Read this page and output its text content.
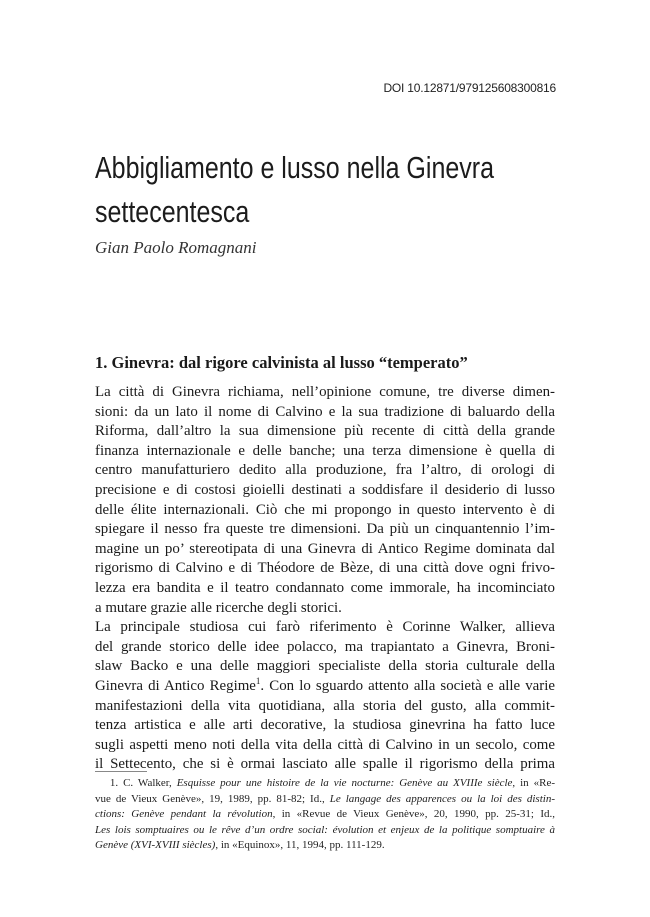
DOI 10.12871/979125608300816
Abbigliamento e lusso nella Ginevra
settecentesca

Gian Paolo Romagnani

1. Ginevra: dal rigore calvinista al lusso “temperato”
La città di Ginevra richiama, nell’opinione comune, tre diverse dimen-
sioni: da un lato il nome di Calvino e la sua tradizione di baluardo della
Riforma, dall’altro la sua dimensione più recente di città della grande
finanza internazionale e delle banche; una terza dimensione è quella di
centro manufatturiero dedito alla produzione, fra l’altro, di orologi di
precisione e di costosi gioielli destinati a soddisfare il desiderio di lusso
delle élite internazionali. Ciò che mi propongo in questo intervento è di
spiegare il nesso fra queste tre dimensioni. Da più un cinquantennio l’im-
magine un po’ stereotipata di una Ginevra di Antico Regime dominata dal
rigorismo di Calvino e di Théodore de Bèze, di una città dove ogni frivo-
lezza era bandita e il teatro condannato come immorale, ha incominciato
a mutare grazie alle ricerche degli storici.
La principale studiosa cui farò riferimento è Corinne Walker, allieva
del grande storico delle idee polacco, ma trapiantato a Ginevra, Broni-
slaw Backo e una delle maggiori specialiste della storia culturale della
Ginevra di Antico Regime$^1$. Con lo sguardo attento alla società e alle varie
manifestazioni della vita quotidiana, alla storia del gusto, alla commit-
tenza artistica e alle arti decorative, la studiosa ginevrina ha fatto luce
sugli aspetti meno noti della vita della città di Calvino in un secolo, come
il Settecento, che si è ormai lasciato alle spalle il rigorismo della prima
1. C. Walker, Esquisse pour une histoire de la vie nocturne: Genève au XVIIIe siècle, in «Re-
vue de Vieux Genève», 19, 1989, pp. 81-82; Id., Le langage des apparences ou la loi des distin-
ctions: Genève pendant la révolution, in «Revue de Vieux Genève», 20, 1990, pp. 25-31; Id.,
Les lois somptuaires ou le rêve d’un ordre social: évolution et enjeux de la politique somptuaire à
Genève (XVI-XVIII siècles), in «Equinox», 11, 1994, pp. 111-129.
